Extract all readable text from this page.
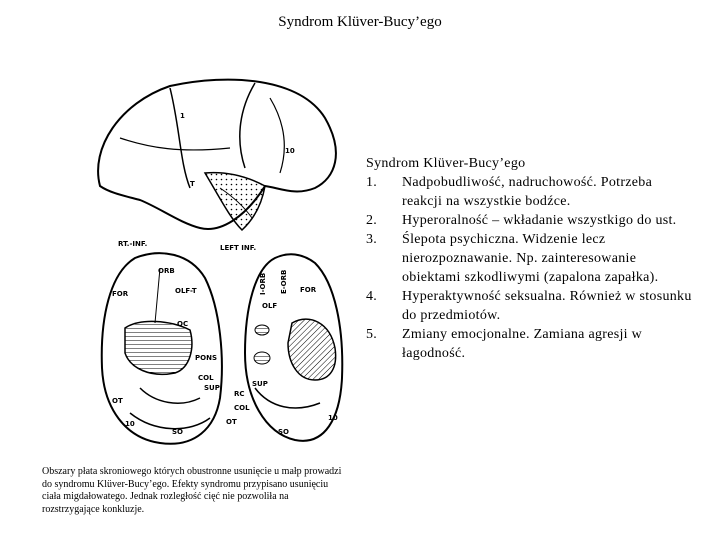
Syndrom Klüver-Bucy’ego
1
T
10
RT.-INF.
ORB
OLF-T
FOR
OC
PONS
COL
SUP
OT
10
SO
LEFT INF.
I-ORB E-ORB FOR
OLF
SUP
RC
COL
OT	10
SO
Obszary płata skroniowego których obustronne usunięcie u małp prowadzi do syndromu Klüver-Bucy’ego. Efekty syndromu przypisano usunięciu ciała migdałowatego. Jednak rozległość cięć nie pozwoliła na rozstrzygające konkluzje.
Syndrom Klüver-Bucy’ego
1.	Nadpobudliwość, nadruchowość. Potrzeba reakcji na wszystkie bodźce.
2.	Hyperoralność – wkładanie wszystkigo do ust.
3.	Ślepota psychiczna. Widzenie lecz nierozpoznawanie. Np. zainteresowanie obiektami szkodliwymi (zapalona zapałka).
4.	Hyperaktywność seksualna. Również w stosunku do przedmiotów.
5.	Zmiany emocjonalne. Zamiana agresji w łagodność.
